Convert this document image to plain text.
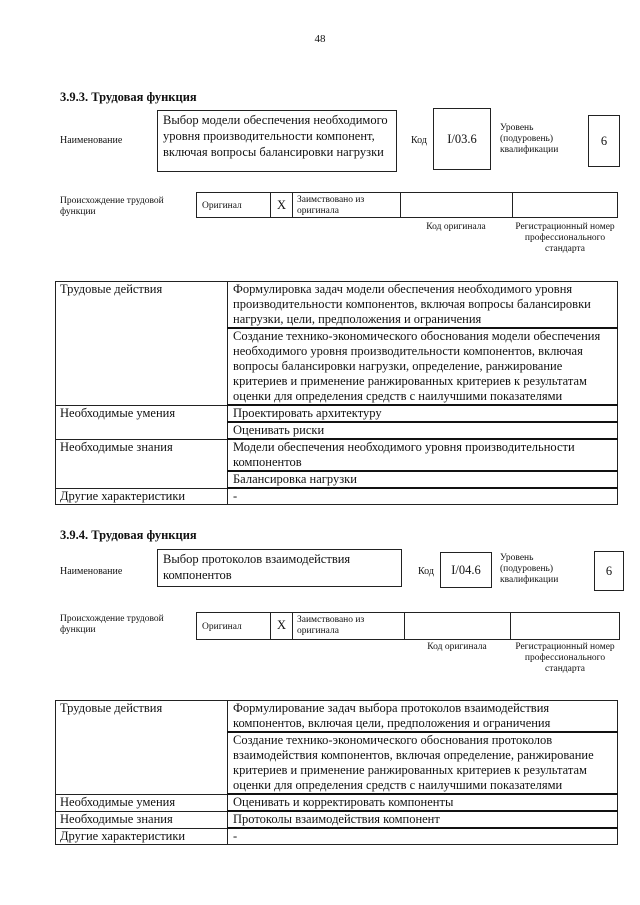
48
3.9.3. Трудовая функция
Наименование
Выбор модели обеспечения необходимого уровня производительности компонент, включая вопросы балансировки нагрузки
Код	I/03.6
Уровень (подуровень) квалификации
6
Происхождение трудовой функции
Оригинал	X	Заимствовано из оригинала
Код оригинала	Регистрационный номер профессионального стандарта
Трудовые действия	Формулировка задач модели обеспечения необходимого уровня производительности компонентов, включая вопросы балансировки нагрузки, цели, предположения и ограничения
	Создание технико-экономического обоснования модели обеспечения необходимого уровня производительности компонентов, включая вопросы балансировки нагрузки, определение, ранжирование критериев и применение ранжированных критериев к результатам оценки для определения средств с наилучшими показателями
Необходимые умения	Проектировать архитектуру
	Оценивать риски
Необходимые знания	Модели обеспечения необходимого уровня производительности компонентов
	Балансировка нагрузки
Другие характеристики	-
3.9.4. Трудовая функция
Наименование
Выбор протоколов взаимодействия компонентов	Код	I/04.6
Уровень (подуровень) квалификации
6
Происхождение трудовой функции	Оригинал	X	Заимствовано из оригинала
Код оригинала	Регистрационный номер профессионального стандарта
Трудовые действия	Формулирование задач выбора протоколов взаимодействия компонентов, включая цели, предположения и ограничения
	Создание технико-экономического обоснования протоколов взаимодействия компонентов, включая определение, ранжирование критериев и применение ранжированных критериев к результатам оценки для определения средств с наилучшими показателями
Необходимые умения	Оценивать и корректировать компоненты
Необходимые знания	Протоколы взаимодействия компонент
Другие характеристики	-
